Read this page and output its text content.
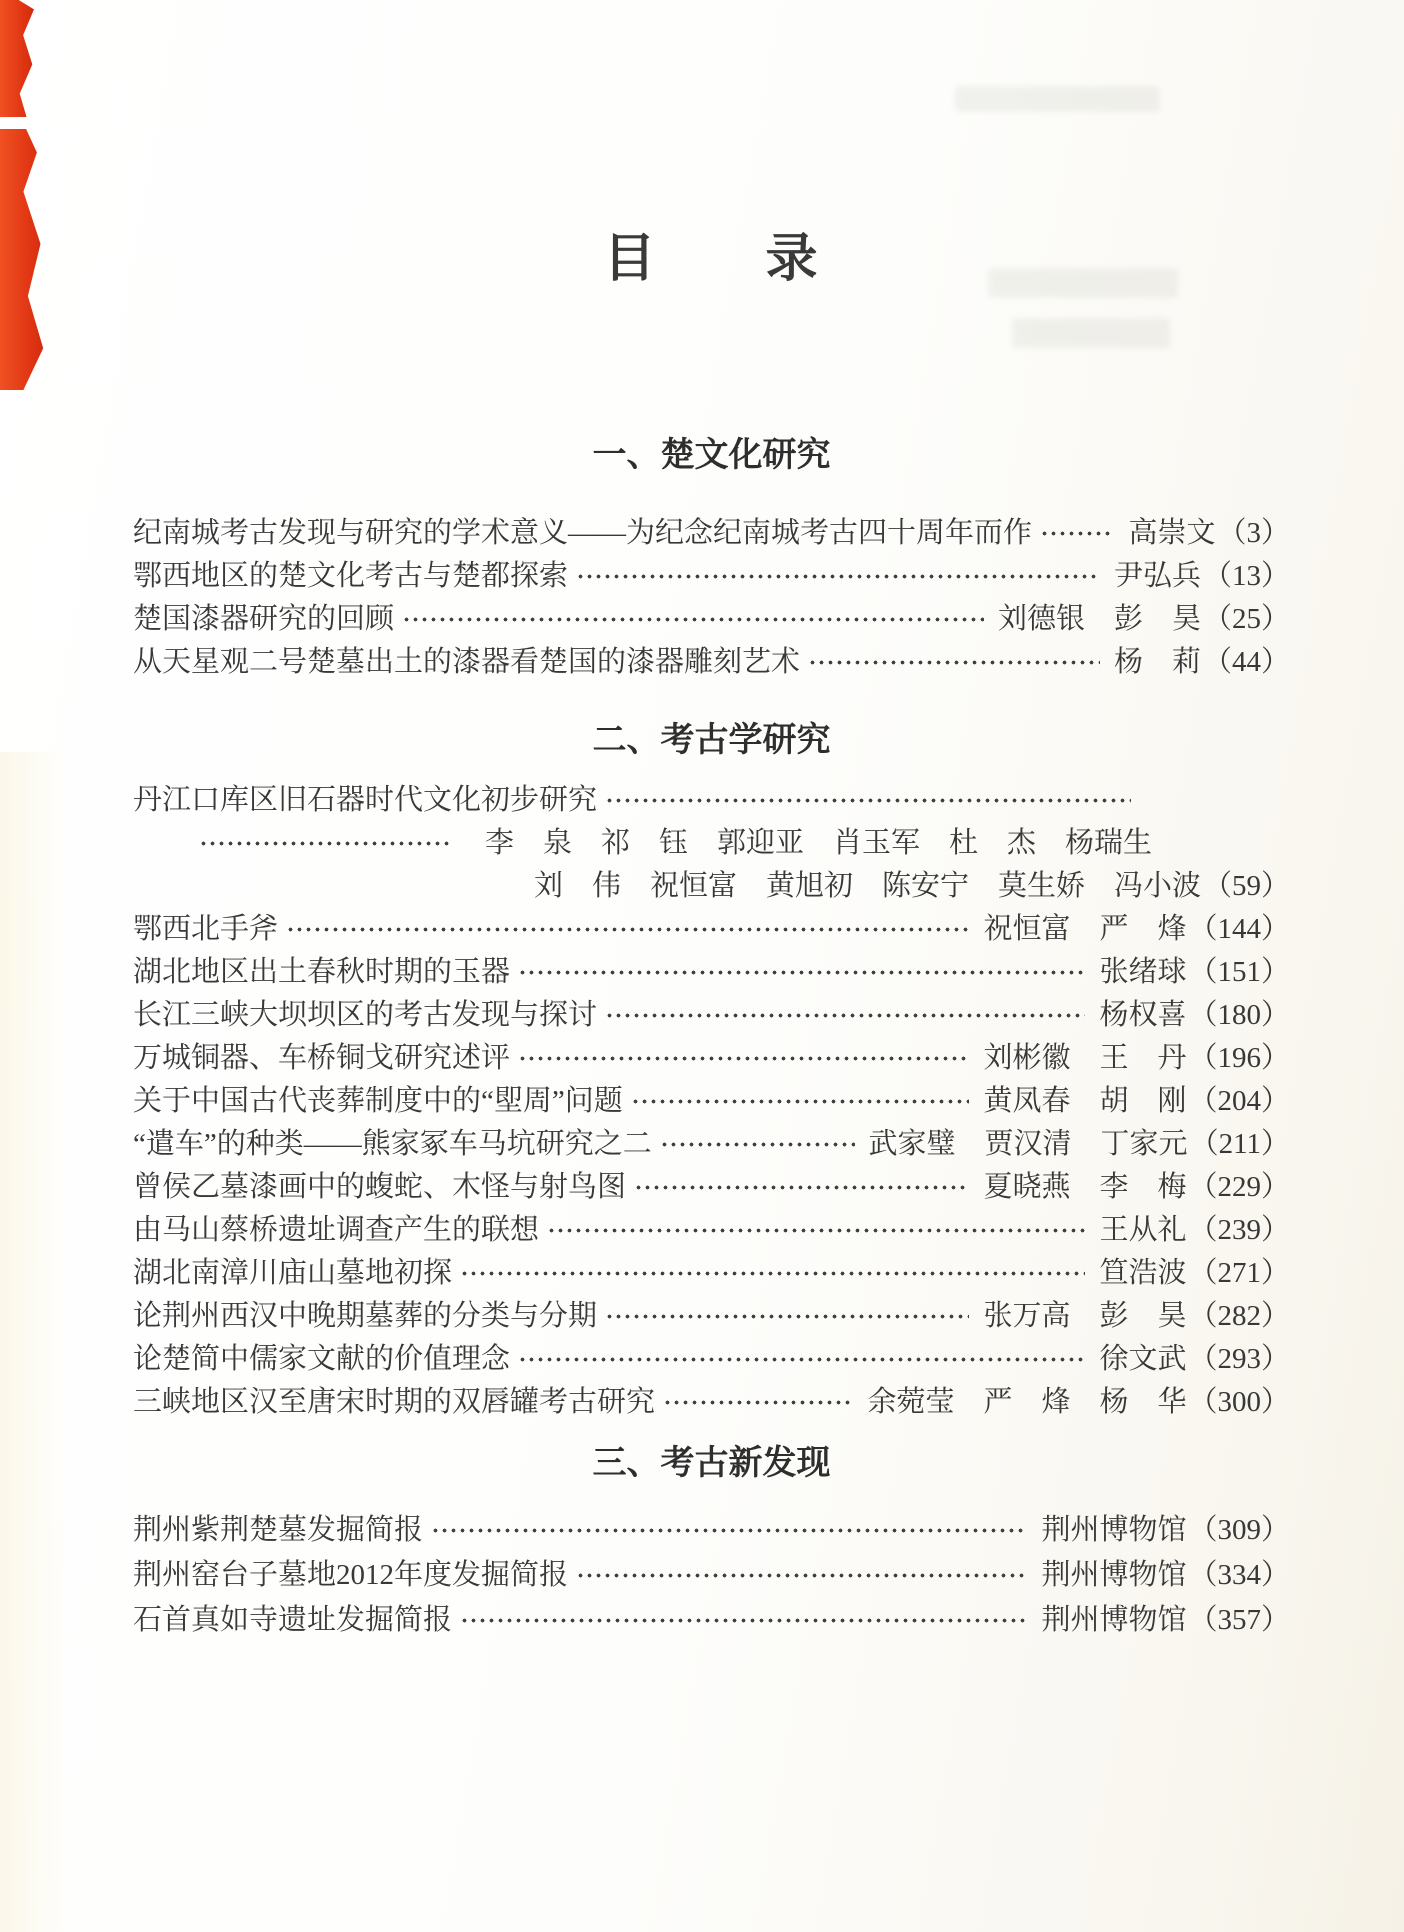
目　　录
一、楚文化研究
纪南城考古发现与研究的学术意义——为纪念纪南城考古四十周年而作	高崇文（3）
鄂西地区的楚文化考古与楚都探索	尹弘兵（13）
楚国漆器研究的回顾	刘德银　彭　昊（25）
从天星观二号楚墓出土的漆器看楚国的漆器雕刻艺术	杨　莉（44）
二、考古学研究
丹江口库区旧石器时代文化初步研究
李　泉　祁　钰　郭迎亚　肖玉军　杜　杰　杨瑞生
刘　伟　祝恒富　黄旭初　陈安宁　莫生娇　冯小波（59）
鄂西北手斧	祝恒富　严　烽（144）
湖北地区出土春秋时期的玉器	张绪球（151）
长江三峡大坝坝区的考古发现与探讨	杨权喜（180）
万城铜器、车桥铜戈研究述评	刘彬徽　王　丹（196）
关于中国古代丧葬制度中的“堲周”问题	黄凤春　胡　刚（204）
“遣车”的种类——熊家冢车马坑研究之二	武家璧　贾汉清　丁家元（211）
曾侯乙墓漆画中的蝮蛇、木怪与射鸟图	夏晓燕　李　梅（229）
由马山蔡桥遗址调查产生的联想	王从礼（239）
湖北南漳川庙山墓地初探	笪浩波（271）
论荆州西汉中晚期墓葬的分类与分期	张万高　彭　昊（282）
论楚简中儒家文献的价值理念	徐文武（293）
三峡地区汉至唐宋时期的双唇罐考古研究	余菀莹　严　烽　杨　华（300）
三、考古新发现
荆州紫荆楚墓发掘简报	荆州博物馆（309）
荆州窑台子墓地2012年度发掘简报	荆州博物馆（334）
石首真如寺遗址发掘简报	荆州博物馆（357）
